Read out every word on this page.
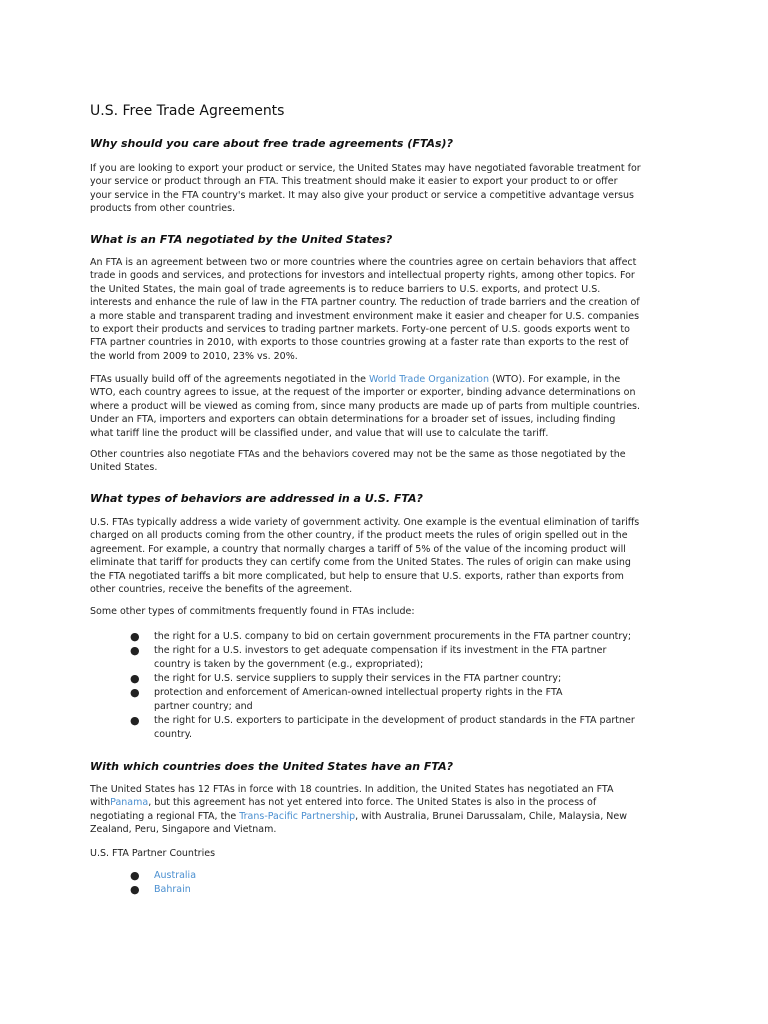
U.S. Free Trade Agreements
Why should you care about free trade agreements (FTAs)?
If you are looking to export your product or service, the United States may have negotiated favorable treatment for
your service or product through an FTA. This treatment should make it easier to export your product to or offer
your service in the FTA country's market. It may also give your product or service a competitive advantage versus
products from other countries.
What is an FTA negotiated by the United States?
An FTA is an agreement between two or more countries where the countries agree on certain behaviors that affect
trade in goods and services, and protections for investors and intellectual property rights, among other topics. For
the United States, the main goal of trade agreements is to reduce barriers to U.S. exports, and protect U.S.
interests and enhance the rule of law in the FTA partner country. The reduction of trade barriers and the creation of
a more stable and transparent trading and investment environment make it easier and cheaper for U.S. companies
to export their products and services to trading partner markets. Forty-one percent of U.S. goods exports went to
FTA partner countries in 2010, with exports to those countries growing at a faster rate than exports to the rest of
the world from 2009 to 2010, 23% vs. 20%.
FTAs usually build off of the agreements negotiated in the World Trade Organization (WTO). For example, in the
WTO, each country agrees to issue, at the request of the importer or exporter, binding advance determinations on
where a product will be viewed as coming from, since many products are made up of parts from multiple countries.
Under an FTA, importers and exporters can obtain determinations for a broader set of issues, including finding
what tariff line the product will be classified under, and value that will use to calculate the tariff.
Other countries also negotiate FTAs and the behaviors covered may not be the same as those negotiated by the
United States.
What types of behaviors are addressed in a U.S. FTA?
U.S. FTAs typically address a wide variety of government activity. One example is the eventual elimination of tariffs
charged on all products coming from the other country, if the product meets the rules of origin spelled out in the
agreement. For example, a country that normally charges a tariff of 5% of the value of the incoming product will
eliminate that tariff for products they can certify come from the United States. The rules of origin can make using
the FTA negotiated tariffs a bit more complicated, but help to ensure that U.S. exports, rather than exports from
other countries, receive the benefits of the agreement.
Some other types of commitments frequently found in FTAs include:
● the right for a U.S. company to bid on certain government procurements in the FTA partner country;
● the right for a U.S. investors to get adequate compensation if its investment in the FTA partner
country is taken by the government (e.g., expropriated);
● the right for U.S. service suppliers to supply their services in the FTA partner country;
● protection and enforcement of American-owned intellectual property rights in the FTA
partner country; and
● the right for U.S. exporters to participate in the development of product standards in the FTA partner
country.
With which countries does the United States have an FTA?
The United States has 12 FTAs in force with 18 countries. In addition, the United States has negotiated an FTA
withPanama, but this agreement has not yet entered into force. The United States is also in the process of
negotiating a regional FTA, the Trans-Pacific Partnership, with Australia, Brunei Darussalam, Chile, Malaysia, New
Zealand, Peru, Singapore and Vietnam.
U.S. FTA Partner Countries
● Australia
● Bahrain
